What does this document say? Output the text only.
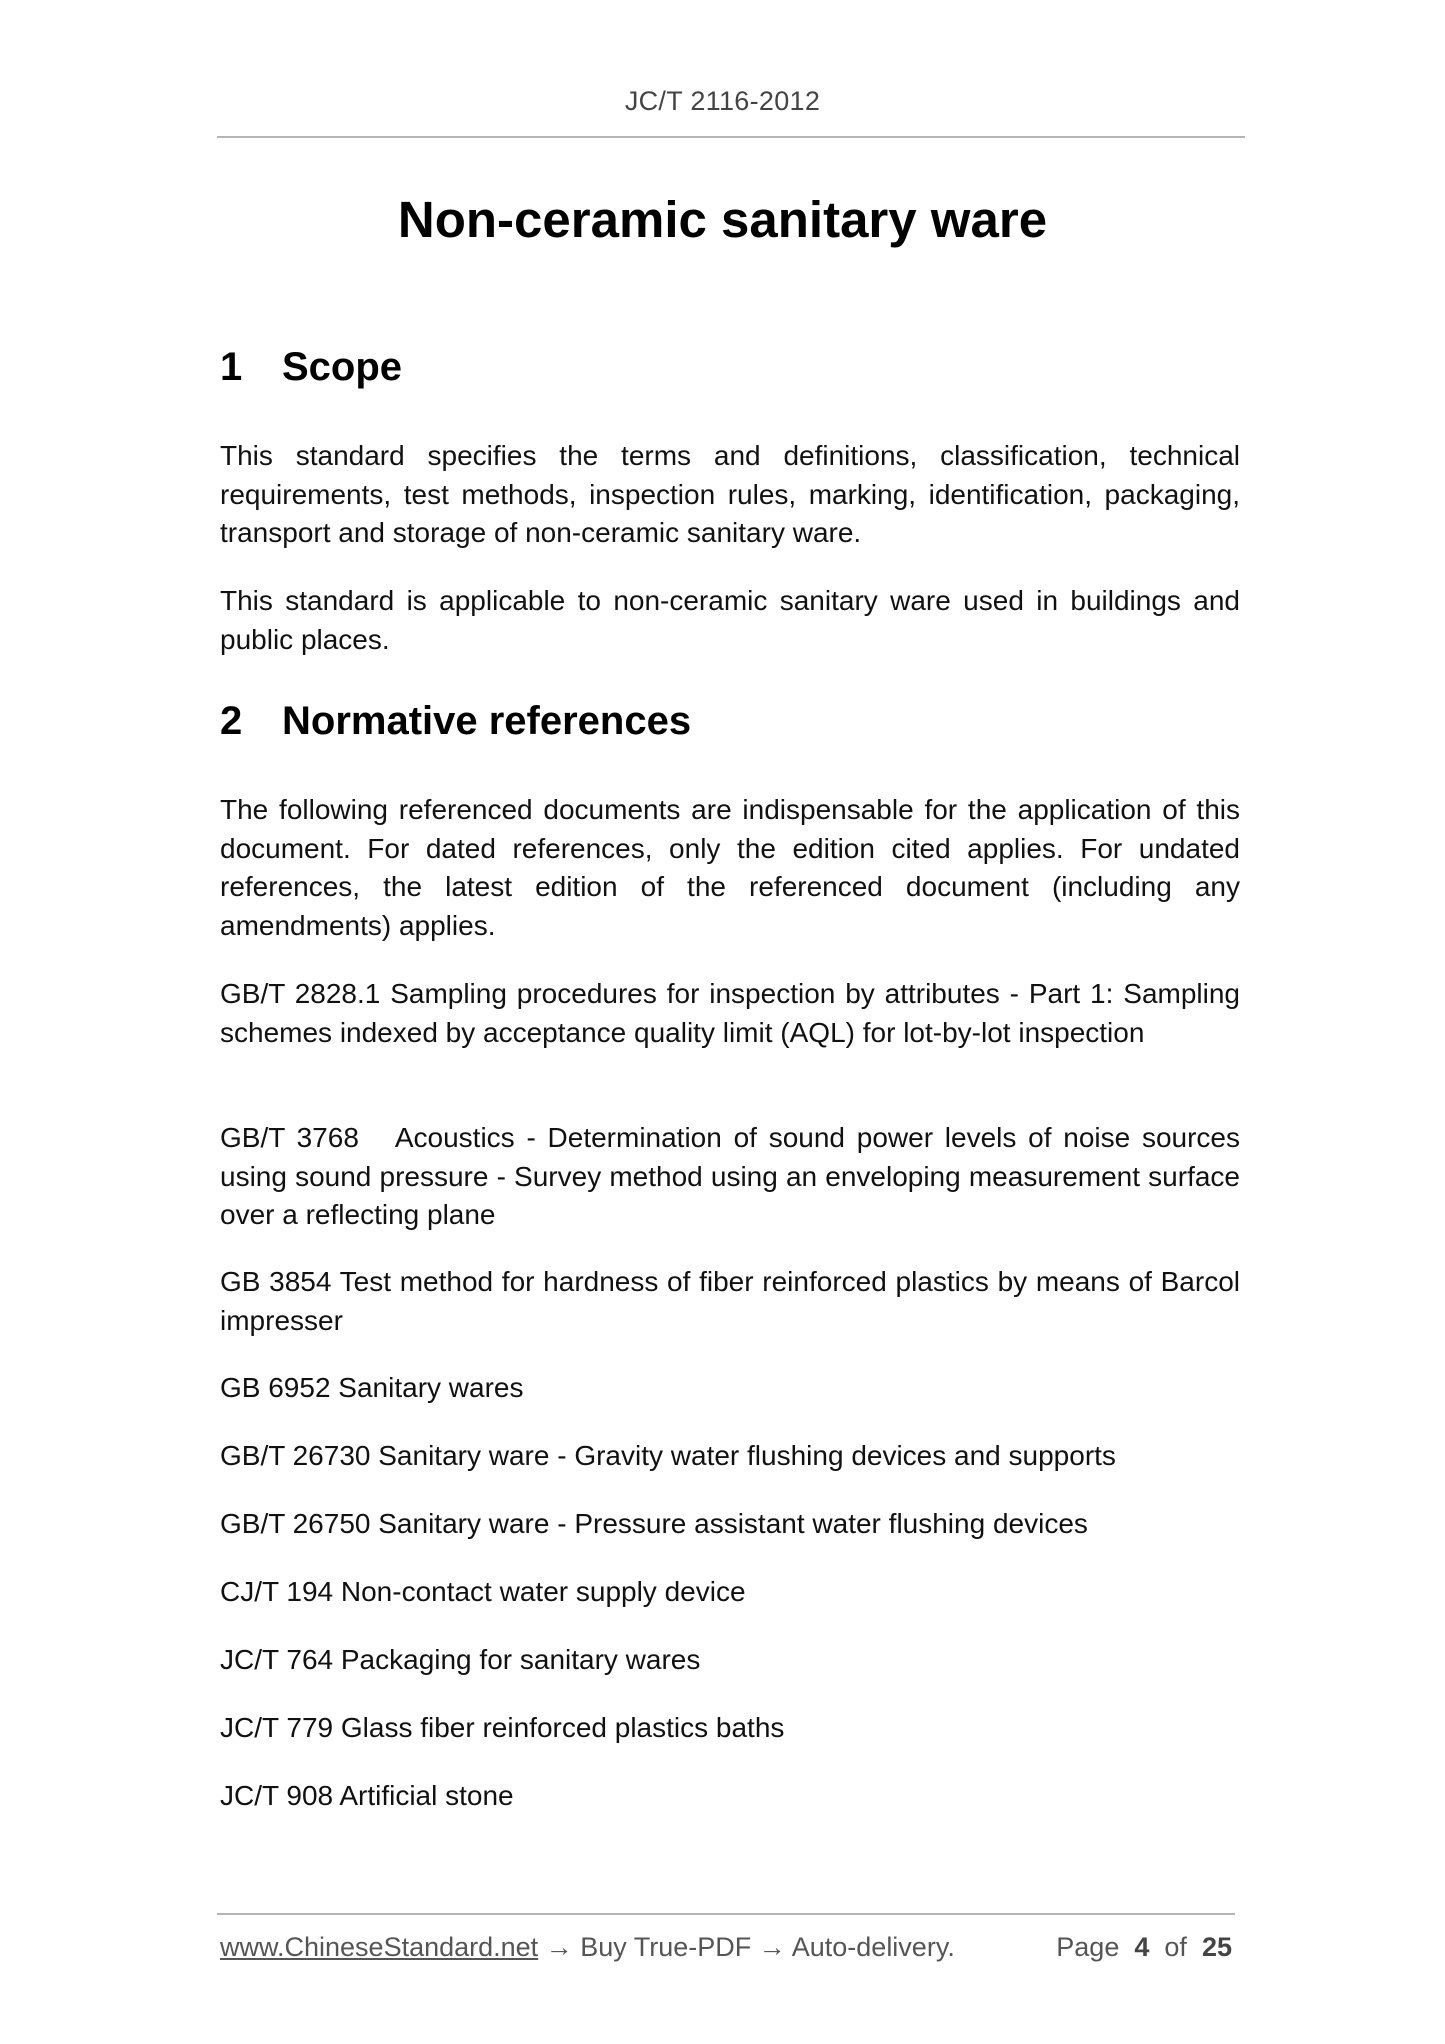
JC/T 2116-2012
Non-ceramic sanitary ware
1 Scope
This standard specifies the terms and definitions, classification, technical requirements, test methods, inspection rules, marking, identification, packaging, transport and storage of non-ceramic sanitary ware.
This standard is applicable to non-ceramic sanitary ware used in buildings and public places.
2 Normative references
The following referenced documents are indispensable for the application of this document. For dated references, only the edition cited applies. For undated references, the latest edition of the referenced document (including any amendments) applies.
GB/T 2828.1 Sampling procedures for inspection by attributes - Part 1: Sampling schemes indexed by acceptance quality limit (AQL) for lot-by-lot inspection
GB/T 3768　Acoustics - Determination of sound power levels of noise sources using sound pressure - Survey method using an enveloping measurement surface over a reflecting plane
GB 3854 Test method for hardness of fiber reinforced plastics by means of Barcol impresser
GB 6952 Sanitary wares
GB/T 26730 Sanitary ware - Gravity water flushing devices and supports
GB/T 26750 Sanitary ware - Pressure assistant water flushing devices
CJ/T 194 Non-contact water supply device
JC/T 764 Packaging for sanitary wares
JC/T 779 Glass fiber reinforced plastics baths
JC/T 908 Artificial stone
www.ChineseStandard.net → Buy True-PDF → Auto-delivery.	Page 4 of 25
